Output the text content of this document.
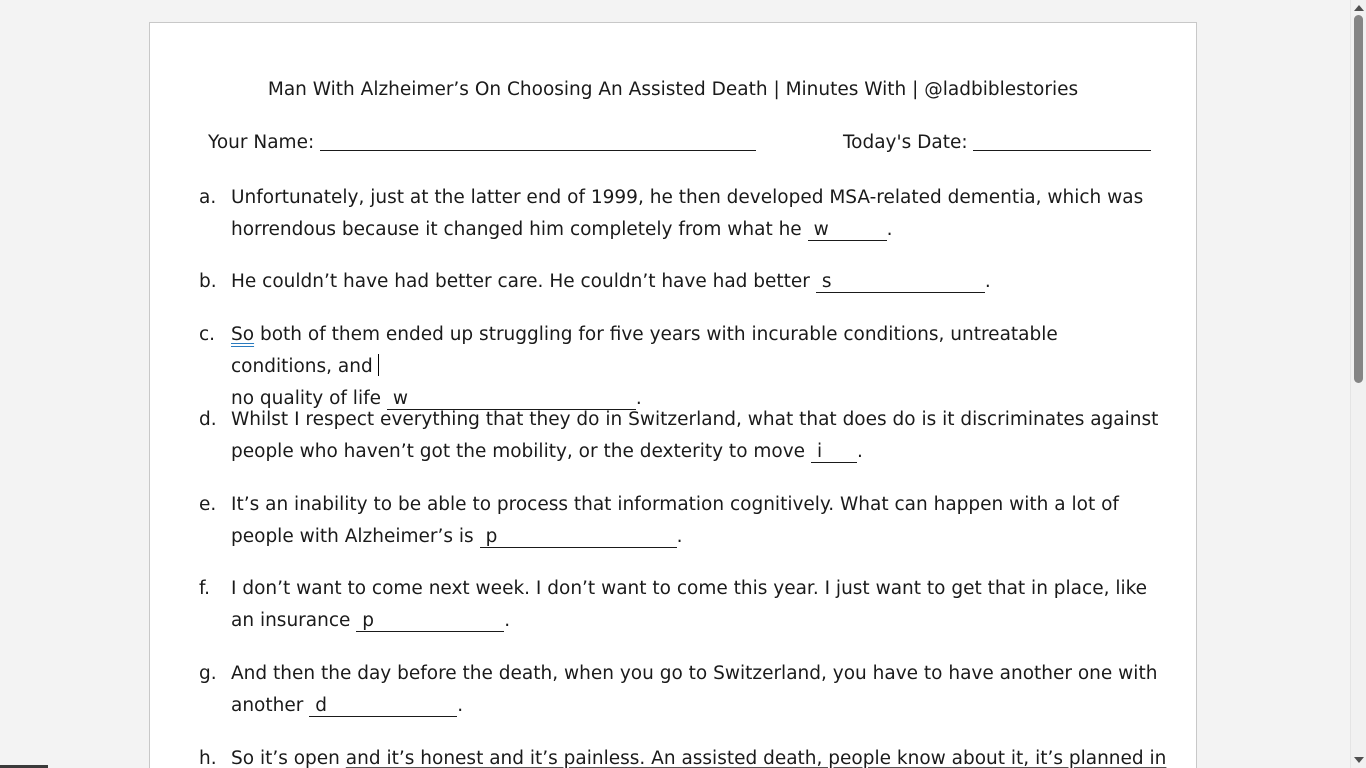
Man With Alzheimer’s On Choosing An Assisted Death | Minutes With | @ladbiblestories
Your Name:	Today's Date:
a. Unfortunately, just at the latter end of 1999, he then developed MSA-related dementia, which was horrendous because it changed him completely from what he w	.
b. He couldn’t have had better care. He couldn’t have had better s	.
c. So both of them ended up struggling for five years with incurable conditions, untreatable conditions, and
no quality of life w	.
d. Whilst I respect everything that they do in Switzerland, what that does do is it discriminates against people who haven’t got the mobility, or the dexterity to move i .
e. It’s an inability to be able to process that information cognitively. What can happen with a lot of people with Alzheimer’s is p	.
f. I don’t want to come next week. I don’t want to come this year. I just want to get that in place, like an insurance p	.
g. And then the day before the death, when you go to Switzerland, you have to have another one with another d	.
h. So it’s open and it’s honest and it’s painless. An assisted death, people know about it, it’s planned in
